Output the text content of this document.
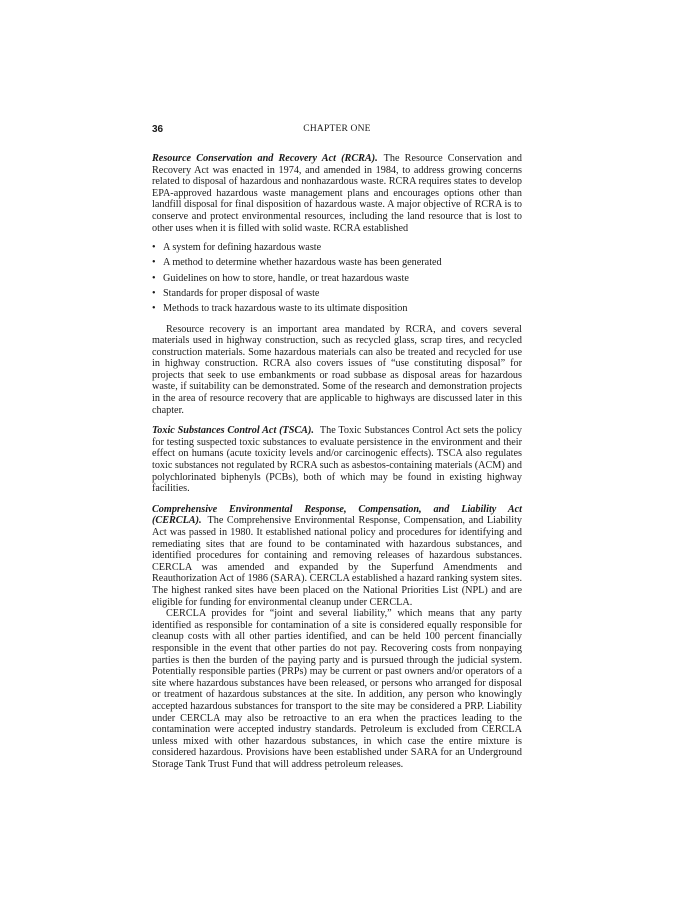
36	CHAPTER ONE

Resource Conservation and Recovery Act (RCRA). The Resource Conservation and Recovery Act was enacted in 1974, and amended in 1984, to address growing concerns related to disposal of hazardous and nonhazardous waste. RCRA requires states to develop EPA-approved hazardous waste management plans and encourages options other than landfill disposal for final disposition of hazardous waste. A major objective of RCRA is to conserve and protect environmental resources, including the land resource that is lost to other uses when it is filled with solid waste. RCRA established

• A system for defining hazardous waste
• A method to determine whether hazardous waste has been generated
• Guidelines on how to store, handle, or treat hazardous waste
• Standards for proper disposal of waste
• Methods to track hazardous waste to its ultimate disposition

Resource recovery is an important area mandated by RCRA, and covers several materials used in highway construction, such as recycled glass, scrap tires, and recycled construction materials. Some hazardous materials can also be treated and recycled for use in highway construction. RCRA also covers issues of “use constituting disposal” for projects that seek to use embankments or road subbase as disposal areas for hazardous waste, if suitability can be demonstrated. Some of the research and demonstration projects in the area of resource recovery that are applicable to highways are discussed later in this chapter.

Toxic Substances Control Act (TSCA). The Toxic Substances Control Act sets the policy for testing suspected toxic substances to evaluate persistence in the environment and their effect on humans (acute toxicity levels and/or carcinogenic effects). TSCA also regulates toxic substances not regulated by RCRA such as asbestos-containing materials (ACM) and polychlorinated biphenyls (PCBs), both of which may be found in existing highway facilities.

Comprehensive Environmental Response, Compensation, and Liability Act (CERCLA). The Comprehensive Environmental Response, Compensation, and Liability Act was passed in 1980. It established national policy and procedures for identifying and remediating sites that are found to be contaminated with hazardous substances, and identified procedures for containing and removing releases of hazardous substances. CERCLA was amended and expanded by the Superfund Amendments and Reauthorization Act of 1986 (SARA). CERCLA established a hazard ranking system sites. The highest ranked sites have been placed on the National Priorities List (NPL) and are eligible for funding for environmental cleanup under CERCLA.

CERCLA provides for “joint and several liability,” which means that any party identified as responsible for contamination of a site is considered equally responsible for cleanup costs with all other parties identified, and can be held 100 percent financially responsible in the event that other parties do not pay. Recovering costs from nonpaying parties is then the burden of the paying party and is pursued through the judicial system. Potentially responsible parties (PRPs) may be current or past owners and/or operators of a site where hazardous substances have been released, or persons who arranged for disposal or treatment of hazardous substances at the site. In addition, any person who knowingly accepted hazardous substances for transport to the site may be considered a PRP. Liability under CERCLA may also be retroactive to an era when the practices leading to the contamination were accepted industry standards. Petroleum is excluded from CERCLA unless mixed with other hazardous substances, in which case the entire mixture is considered hazardous. Provisions have been established under SARA for an Underground Storage Tank Trust Fund that will address petroleum releases.
